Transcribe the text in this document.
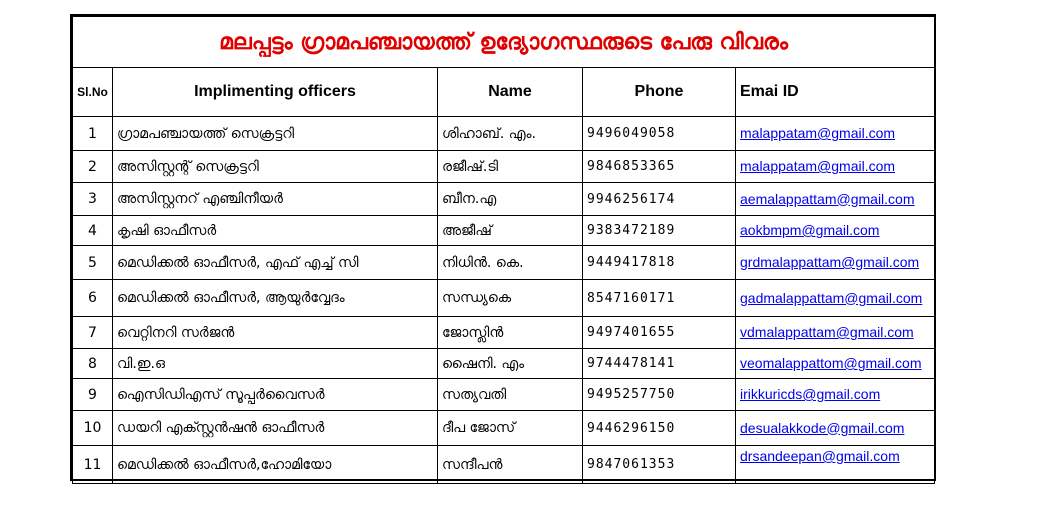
മലപ്പട്ടം ഗ്രാമപഞ്ചായത്ത് ഉദ്യോഗസ്ഥരുടെ പേരു വിവരം				
Sl.No	Implimenting officers	Name	Phone	Emai ID
1	ഗ്രാമപഞ്ചായത്ത് സെക്രട്ടറി	ശിഹാബ്. എം.	9496049058	malappatam@gmail.com
2	അസിസ്റ്റന്റ് സെക്രട്ടറി	രജീഷ്.ടി	9846853365	malappatam@gmail.com
3	അസിസ്റ്റനറ് എഞ്ചിനീയർ	ബീന.എ	9946256174	aemalappattam@gmail.com
4	കൃഷി ഓഫീസർ	അജീഷ്	9383472189	aokbmpm@gmail.com
5	മെഡിക്കൽ ഓഫീസർ, എഫ് എച്ച് സി	നിധിൻ. കെ.	9449417818	grdmalappattam@gmail.com
6	മെഡിക്കൽ ഓഫീസർ, ആയുർവ്വേദം	സന്ധ്യകെ	8547160171	gadmalappattam@gmail.com
7	വെറ്റിനറി സർജൻ	ജോസ്ലിൻ	9497401655	vdmalappattam@gmail.com
8	വി.ഇ.ഒ	ഷൈനി. എം	9744478141	veomalappattom@gmail.com
9	ഐസിഡിഎസ് സൂപ്പർവൈസർ	സത്യവതി	9495257750	irikkuricds@gmail.com
10	ഡയറി എക്സ്റ്റൻഷൻ ഓഫീസർ	ദീപ ജോസ്	9446296150	desualakkode@gmail.com
11	മെഡിക്കൽ ഓഫീസർ,ഹോമിയോ	സന്ദീപൻ	9847061353	drsandeepan@gmail.com
